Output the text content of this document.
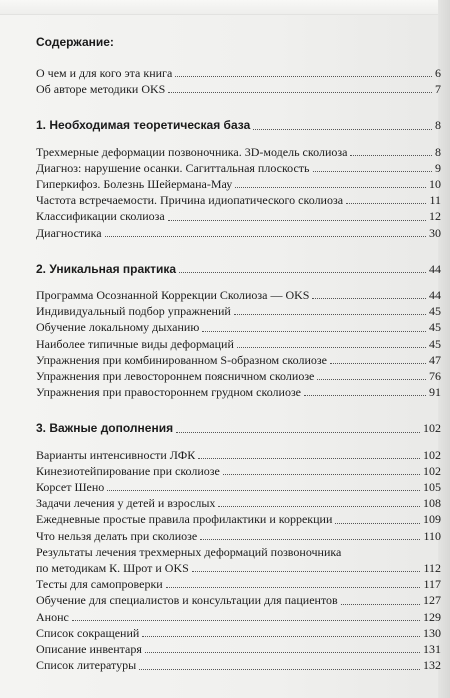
Содержание:
О чем и для кого эта книга	6
Об авторе методики OKS	7
1. Необходимая теоретическая база	8
Трехмерные деформации позвоночника. 3D-модель сколиоза	8
Диагноз: нарушение осанки. Сагиттальная плоскость	9
Гиперкифоз. Болезнь Шейермана-Мау	10
Частота встречаемости. Причина идиопатического сколиоза	11
Классификации сколиоза	12
Диагностика	30
2. Уникальная практика	44
Программа Осознанной Коррекции Сколиоза — OKS	44
Индивидуальный подбор упражнений	45
Обучение локальному дыханию	45
Наиболее типичные виды деформаций	45
Упражнения при комбинированном S-образном сколиозе	47
Упражнения при левостороннем поясничном сколиозе	76
Упражнения при правостороннем грудном сколиозе	91
3. Важные дополнения	102
Варианты интенсивности ЛФК	102
Кинезиотейпирование при сколиозе	102
Корсет Шено	105
Задачи лечения у детей и взрослых	108
Ежедневные простые правила профилактики и коррекции	109
Что нельзя делать при сколиозе	110
Результаты лечения трехмерных деформаций позвоночника
по методикам К. Шрот и OKS	112
Тесты для самопроверки	117
Обучение для специалистов и консультации для пациентов	127
Анонс	129
Список сокращений	130
Описание инвентаря	131
Список литературы	132
